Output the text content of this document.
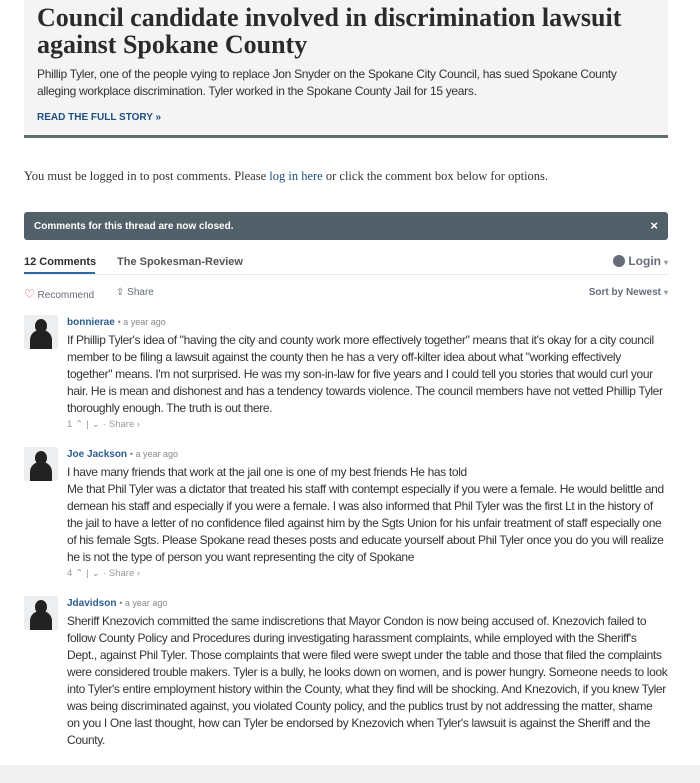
Council candidate involved in discrimination lawsuit against Spokane County

Phillip Tyler, one of the people vying to replace Jon Snyder on the Spokane City Council, has sued Spokane County alleging workplace discrimination. Tyler worked in the Spokane County Jail for 15 years.

READ THE FULL STORY »
You must be logged in to post comments. Please log in here or click the comment box below for options.
Comments for this thread are now closed.	×
12 Comments The Spokesman-Review	Login ▾
♡ Recommend ⇪ Share	Sort by Newest ▾
bonnierae • a year ago

If Phillip Tyler's idea of "having the city and county work more effectively together" means that it's okay for a city council member to be filing a lawsuit against the county then he has a very off-kilter idea about what "working effectively together" means. I'm not surprised. He was my son-in-law for five years and I could tell you stories that would curl your hair. He is mean and dishonest and has a tendency towards violence. The council members have not vetted Phillip Tyler thoroughly enough. The truth is out there.

1 ⌃ | ⌄ · Share ›
Joe Jackson • a year ago

I have many friends that work at the jail one is one of my best friends He has told
Me that Phil Tyler was a dictator that treated his staff with contempt especially if you were a female. He would belittle and demean his staff and especially if you were a female. I was also informed that Phil Tyler was the first Lt in the history of the jail to have a letter of no confidence filed against him by the Sgts Union for his unfair treatment of staff especially one of his female Sgts. Please Spokane read theses posts and educate yourself about Phil Tyler once you do you will realize he is not the type of person you want representing the city of Spokane

4 ⌃ | ⌄ · Share ›
Jdavidson • a year ago

Sheriff Knezovich committed the same indiscretions that Mayor Condon is now being accused of. Knezovich failed to follow County Policy and Procedures during investigating harassment complaints, while employed with the Sheriff's Dept., against Phil Tyler. Those complaints that were filed were swept under the table and those that filed the complaints were considered trouble makers. Tyler is a bully, he looks down on women, and is power hungry. Someone needs to look into Tyler's entire employment history within the County, what they find will be shocking. And Knezovich, if you knew Tyler was being discriminated against, you violated County policy, and the publics trust by not addressing the matter, shame on you I One last thought, how can Tyler be endorsed by Knezovich when Tyler's lawsuit is against the Sheriff and the County.
